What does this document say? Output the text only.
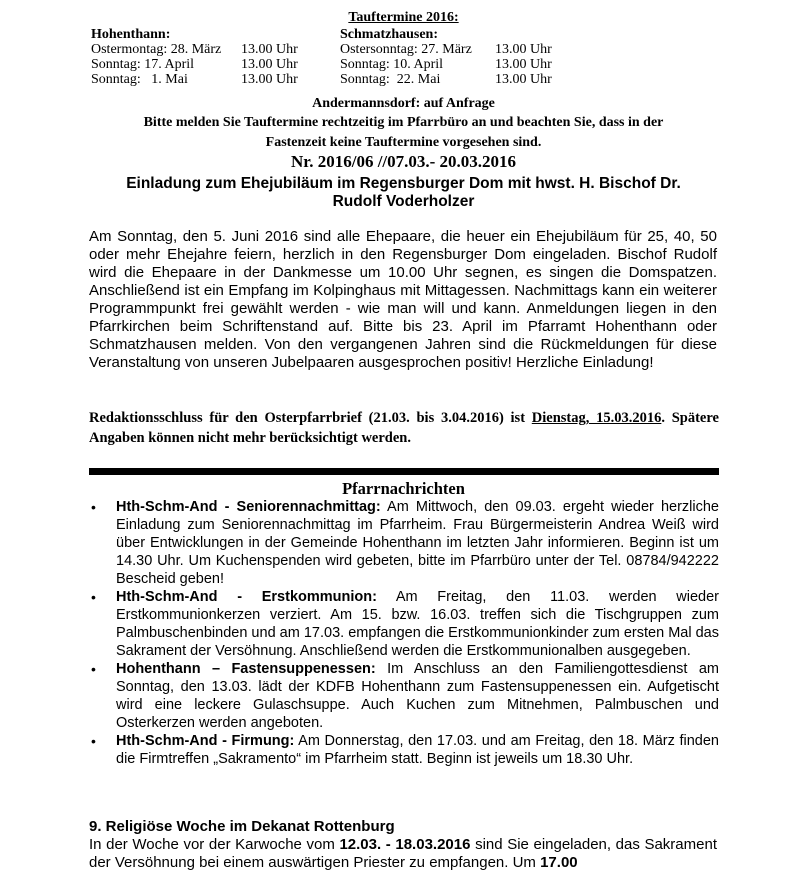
Tauftermine 2016:
Hohenthann:
Ostermontag: 28. März 13.00 Uhr
Sonntag: 17. April	13.00 Uhr
Sonntag:   1. Mai	13.00 Uhr
Schmatzhausen:
Ostersonntag: 27. März 13.00 Uhr
Sonntag: 10. April	13.00 Uhr
Sonntag:  22. Mai	13.00 Uhr
Andermannsdorf: auf Anfrage
Bitte melden Sie Tauftermine rechtzeitig im Pfarrbüro an und beachten Sie, dass in der Fastenzeit keine Tauftermine vorgesehen sind.
Nr. 2016/06 //07.03.- 20.03.2016
Einladung zum Ehejubiläum im Regensburger Dom mit hwst. H. Bischof Dr. Rudolf Voderholzer
Am Sonntag, den 5. Juni 2016 sind alle Ehepaare, die heuer ein Ehejubiläum für 25, 40, 50 oder mehr Ehejahre feiern, herzlich in den Regensburger Dom eingeladen. Bischof Rudolf wird die Ehepaare in der Dankmesse um 10.00 Uhr segnen, es singen die Domspatzen. Anschließend ist ein Empfang im Kolpinghaus mit Mittagessen. Nachmittags kann ein weiterer Programmpunkt frei gewählt werden - wie man will und kann. Anmeldungen liegen in den Pfarrkirchen beim Schriftenstand auf. Bitte bis 23. April im Pfarramt Hohenthann oder Schmatzhausen melden. Von den vergangenen Jahren sind die Rückmeldungen für diese Veranstaltung von unseren Jubelpaaren ausgesprochen positiv! Herzliche Einladung!
Redaktionsschluss für den Osterpfarrbrief (21.03. bis 3.04.2016) ist Dienstag, 15.03.2016. Spätere Angaben können nicht mehr berücksichtigt werden.
Pfarrnachrichten
• Hth-Schm-And - Seniorennachmittag: Am Mittwoch, den 09.03. ergeht wieder herzliche Einladung zum Seniorennachmittag im Pfarrheim. Frau Bürgermeisterin Andrea Weiß wird über Entwicklungen in der Gemeinde Hohenthann im letzten Jahr informieren. Beginn ist um 14.30 Uhr. Um Kuchenspenden wird gebeten, bitte im Pfarrbüro unter der Tel. 08784/942222 Bescheid geben!
• Hth-Schm-And - Erstkommunion: Am Freitag, den 11.03. werden wieder Erstkommunionkerzen verziert. Am 15. bzw. 16.03. treffen sich die Tischgruppen zum Palmbuschenbinden und am 17.03. empfangen die Erstkommunionkinder zum ersten Mal das Sakrament der Versöhnung. Anschließend werden die Erstkommunionalben ausgegeben.
• Hohenthann – Fastensuppenessen: Im Anschluss an den Familiengottesdienst am Sonntag, den 13.03. lädt der KDFB Hohenthann zum Fastensuppenessen ein. Aufgetischt wird eine leckere Gulaschsuppe. Auch Kuchen zum Mitnehmen, Palmbuschen und Osterkerzen werden angeboten.
• Hth-Schm-And - Firmung: Am Donnerstag, den 17.03. und am Freitag, den 18. März finden die Firmtreffen „Sakramento“ im Pfarrheim statt. Beginn ist jeweils um 18.30 Uhr.
9. Religiöse Woche im Dekanat Rottenburg
In der Woche vor der Karwoche vom 12.03. - 18.03.2016 sind Sie eingeladen, das Sakrament der Versöhnung bei einem auswärtigen Priester zu empfangen. Um 17.00
